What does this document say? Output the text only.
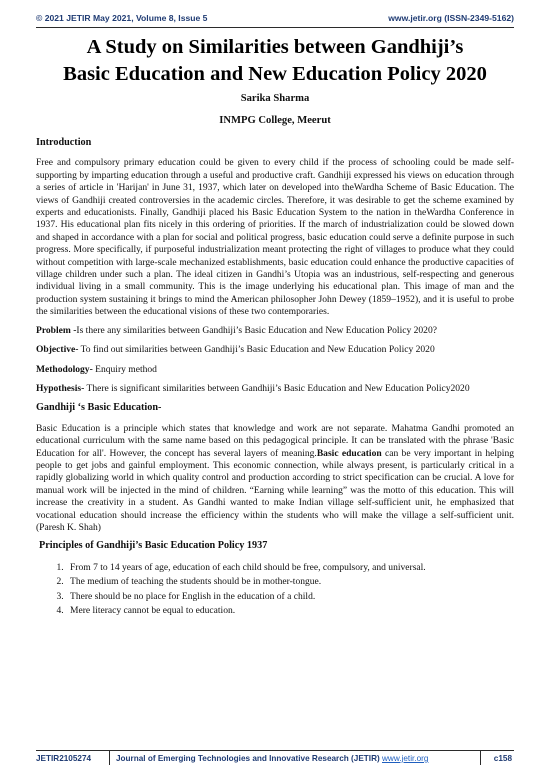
© 2021 JETIR May 2021, Volume 8, Issue 5	www.jetir.org (ISSN-2349-5162)
A Study on Similarities between Gandhiji’s
Basic Education and New Education Policy 2020
Sarika Sharma
INMPG College, Meerut
Introduction

Free and compulsory primary education could be given to every child if the process of schooling could be made self-supporting by imparting education through a useful and productive craft. Gandhiji expressed his views on education through a series of article in 'Harijan' in June 31, 1937, which later on developed into theWardha Scheme of Basic Education. The views of Gandhiji created controversies in the academic circles. Therefore, it was desirable to get the scheme examined by experts and educationists. Finally, Gandhiji placed his Basic Education System to the nation in theWardha Conference in 1937. His educational plan fits nicely in this ordering of priorities. If the march of industrialization could be slowed down and shaped in accordance with a plan for social and political progress, basic education could serve a definite purpose in such progress. More specifically, if purposeful industrialization meant protecting the right of villages to produce what they could without competition with large-scale mechanized establishments, basic education could enhance the productive capacities of village children under such a plan. The ideal citizen in Gandhi’s Utopia was an industrious, self-respecting and generous individual living in a small community. This is the image underlying his educational plan. This image of man and the production system sustaining it brings to mind the American philosopher John Dewey (1859–1952), and it is useful to probe the similarities between the educational visions of these two contemporaries.

Problem -Is there any similarities between Gandhiji’s Basic Education and New Education Policy 2020?

Objective- To find out similarities between Gandhiji’s Basic Education and New Education Policy 2020

Methodology- Enquiry method

Hypothesis- There is significant similarities between Gandhiji’s Basic Education and New Education Policy2020

Gandhiji ‘s Basic Education-

Basic Education is a principle which states that knowledge and work are not separate. Mahatma Gandhi promoted an educational curriculum with the same name based on this pedagogical principle. It can be translated with the phrase 'Basic Education for all'. However, the concept has several layers of meaning.Basic education can be very important in helping people to get jobs and gainful employment. This economic connection, while always present, is particularly critical in a rapidly globalizing world in which quality control and production according to strict specification can be crucial. A love for manual work will be injected in the mind of children. “Earning while learning” was the motto of this education. This will increase the creativity in a student. As Gandhi wanted to make Indian village self-sufficient unit, he emphasized that vocational education should increase the efficiency within the students who will make the village a self-sufficient unit. (Paresh K. Shah)

Principles of Gandhiji’s Basic Education Policy 1937
1. From 7 to 14 years of age, education of each child should be free, compulsory, and universal.
2. The medium of teaching the students should be in mother-tongue.
3. There should be no place for English in the education of a child.
4. Mere literacy cannot be equal to education.
JETIR2105274	Journal of Emerging Technologies and Innovative Research (JETIR) www.jetir.org	c158
